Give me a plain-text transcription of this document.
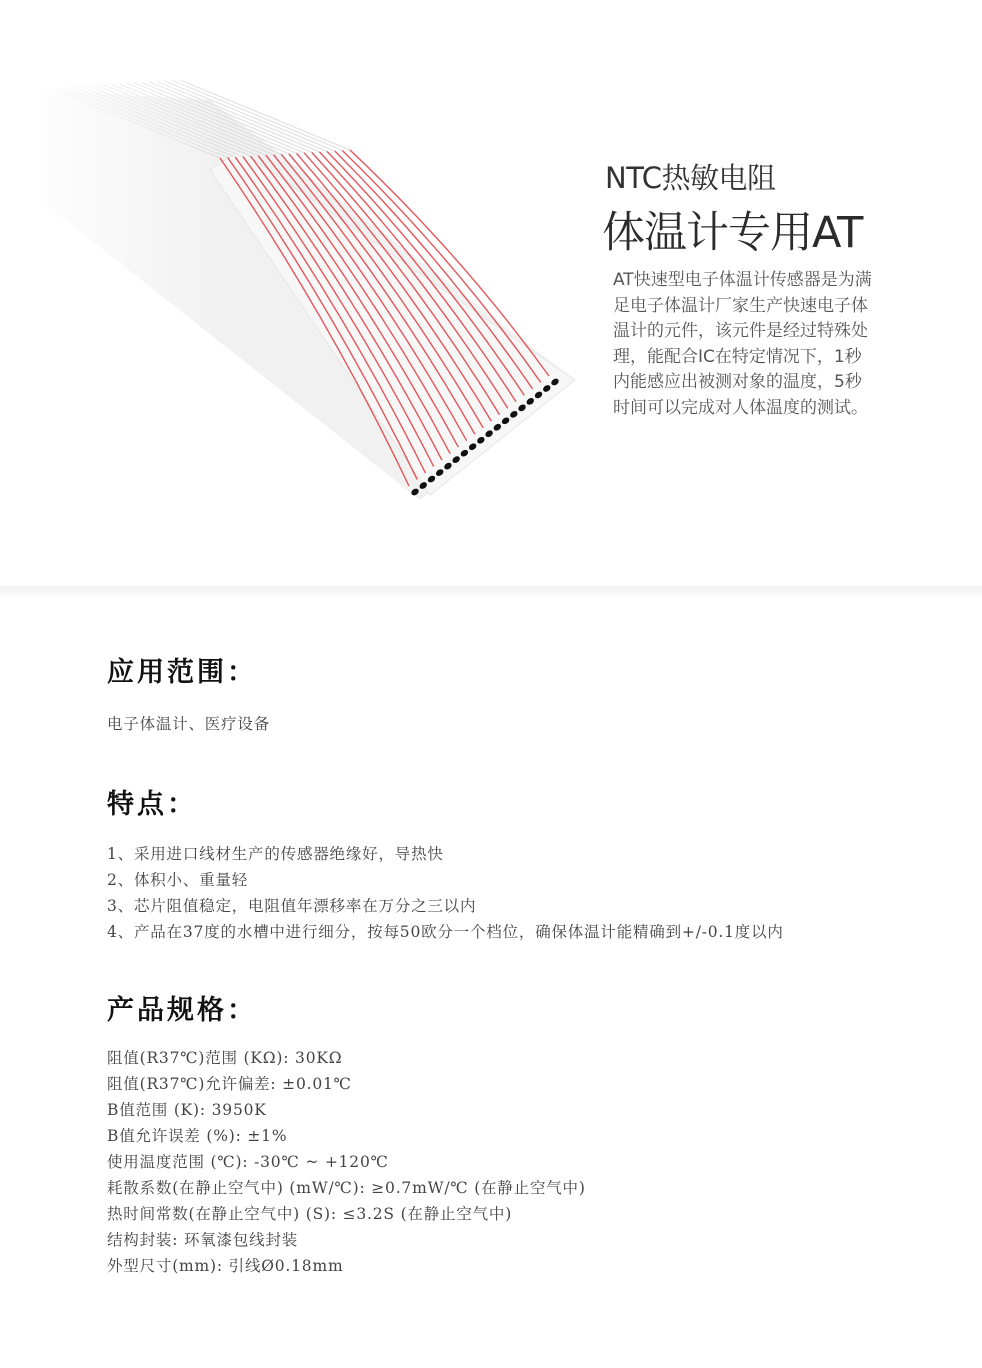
NTC热敏电阻
体温计专用AT

AT快速型电子体温计传感器是为满足电子体温计厂家生产快速电子体温计的元件，该元件是经过特殊处理，能配合IC在特定情况下，1秒内能感应出被测对象的温度，5秒时间可以完成对人体温度的测试。

应用范围：

电子体温计、医疗设备

特点：

1、采用进口线材生产的传感器绝缘好，导热快
2、体积小、重量轻
3、芯片阻值稳定，电阻值年漂移率在万分之三以内
4、产品在37度的水槽中进行细分，按每50欧分一个档位，确保体温计能精确到+/-0.1度以内

产品规格：

阻值(R37℃)范围 (KΩ): 30KΩ
阻值(R37℃)允许偏差: ±0.01℃
B值范围 (K): 3950K
B值允许误差 (%): ±1%
使用温度范围 (℃): -30℃ ~ +120℃
耗散系数(在静止空气中) (mW/℃): ≥0.7mW/℃ (在静止空气中)
热时间常数(在静止空气中) (S): ≤3.2S (在静止空气中)
结构封装: 环氧漆包线封装
外型尺寸(mm): 引线Ø0.18mm
